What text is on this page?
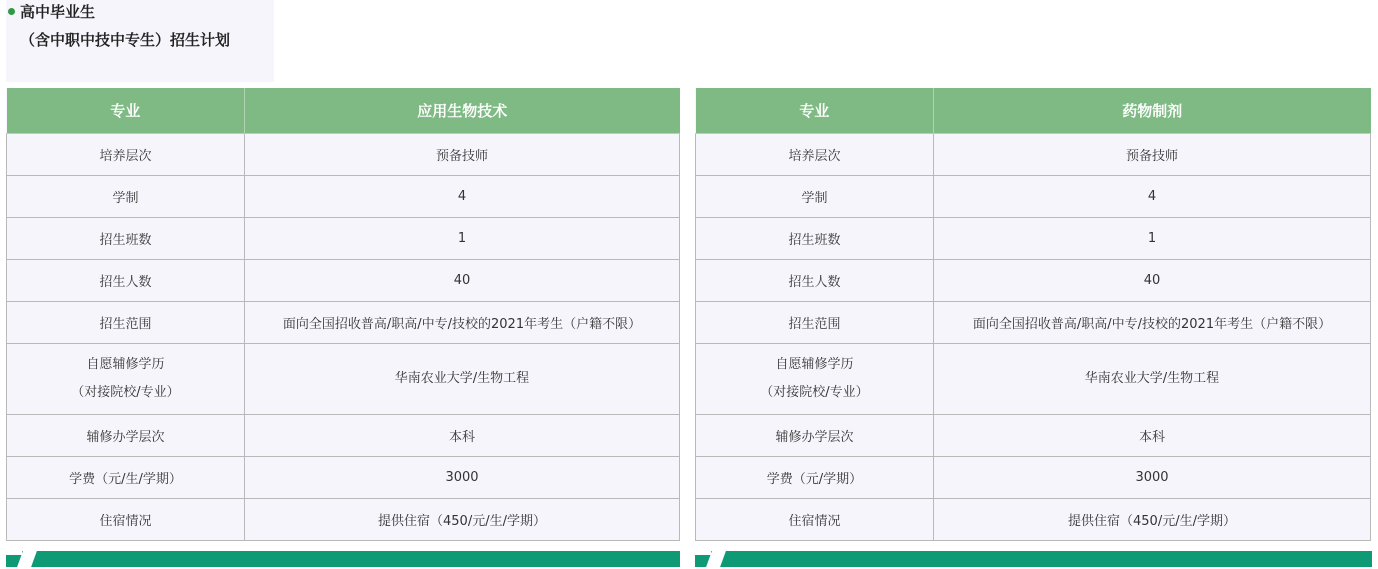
高中毕业生
（含中职中技中专生）招生计划
专业	应用生物技术
培养层次	预备技师
学制	4
招生班数	1
招生人数	40
招生范围	面向全国招收普高/职高/中专/技校的2021年考生（户籍不限）

自愿辅修学历
（对接院校/专业）	华南农业大学/生物工程
辅修办学层次	本科
学费（元/生/学期）	3000
住宿情况	提供住宿（450/元/生/学期）
专业	药物制剂
培养层次	预备技师
学制	4
招生班数	1
招生人数	40
招生范围	面向全国招收普高/职高/中专/技校的2021年考生（户籍不限）

自愿辅修学历
（对接院校/专业）	华南农业大学/生物工程
辅修办学层次	本科
学费（元/学期）	3000
住宿情况	提供住宿（450/元/生/学期）
